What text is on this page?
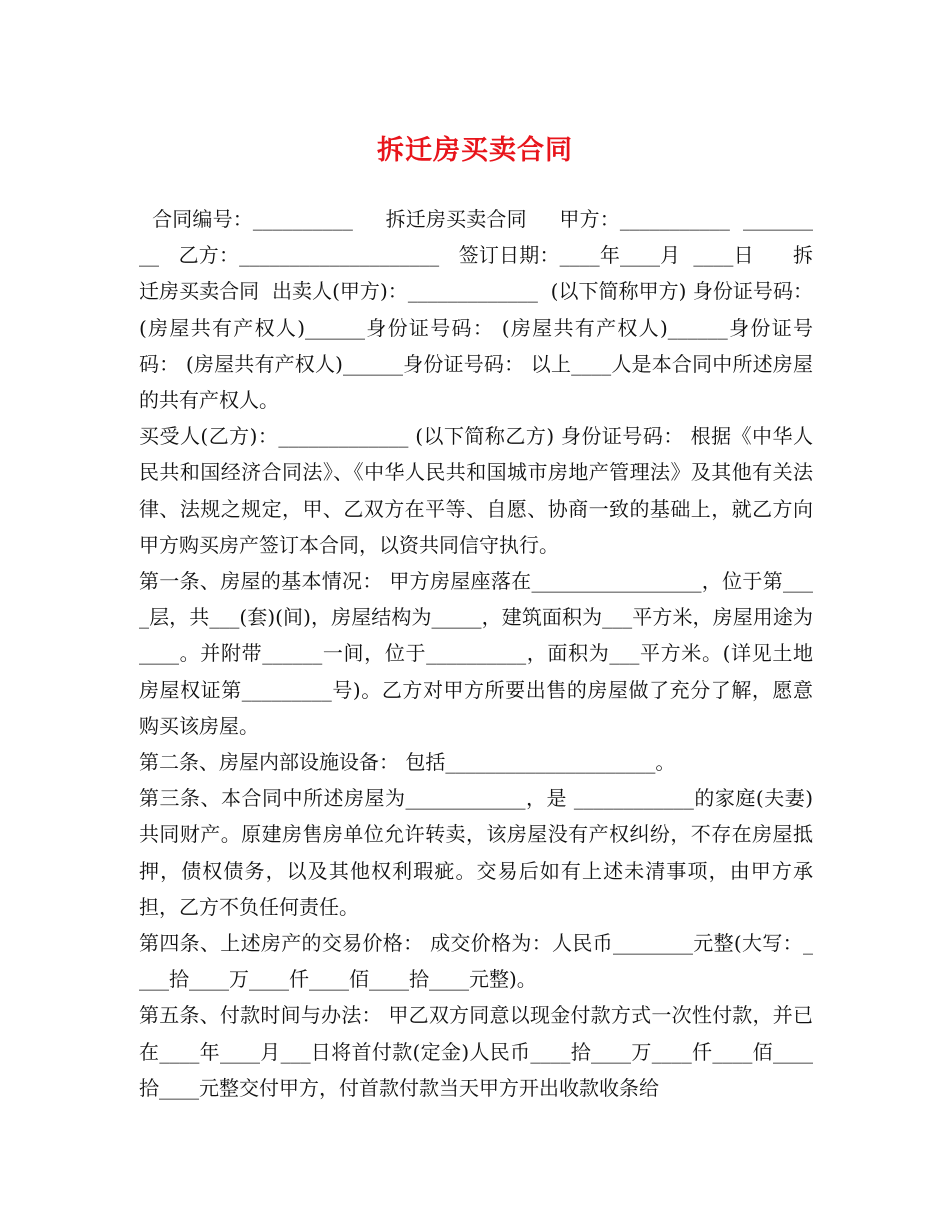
拆迁房买卖合同

合同编号：__________     拆迁房买卖合同     甲方：___________  _________   乙方：____________________   签订日期：____年____月  ____日      拆迁房买卖合同  出卖人(甲方)：_____________  (以下简称甲方) 身份证号码： (房屋共有产权人)______身份证号码： (房屋共有产权人)______身份证号码： (房屋共有产权人)______身份证号码： 以上____人是本合同中所述房屋的共有产权人。

买受人(乙方)：_____________ (以下简称乙方) 身份证号码： 根据《中华人民共和国经济合同法》、《中华人民共和国城市房地产管理法》及其他有关法律、法规之规定，甲、乙双方在平等、自愿、协商一致的基础上，就乙方向甲方购买房产签订本合同，以资共同信守执行。

第一条、房屋的基本情况： 甲方房屋座落在_________________，位于第____层，共___(套)(间)，房屋结构为_____，建筑面积为___平方米，房屋用途为____。并附带______一间，位于__________，面积为___平方米。(详见土地房屋权证第_________号)。乙方对甲方所要出售的房屋做了充分了解，愿意购买该房屋。

第二条、房屋内部设施设备： 包括_____________________。

第三条、本合同中所述房屋为____________，是 ____________的家庭(夫妻)共同财产。原建房售房单位允许转卖，该房屋没有产权纠纷，不存在房屋抵押，债权债务，以及其他权利瑕疵。交易后如有上述未清事项，由甲方承担，乙方不负任何责任。

第四条、上述房产的交易价格： 成交价格为：人民币________元整(大写：____拾____万____仟____佰____拾____元整)。

第五条、付款时间与办法： 甲乙双方同意以现金付款方式一次性付款，并已在____年____月___日将首付款(定金)人民币____拾____万____仟____佰____拾____元整交付甲方，付首款付款当天甲方开出收款收条给
